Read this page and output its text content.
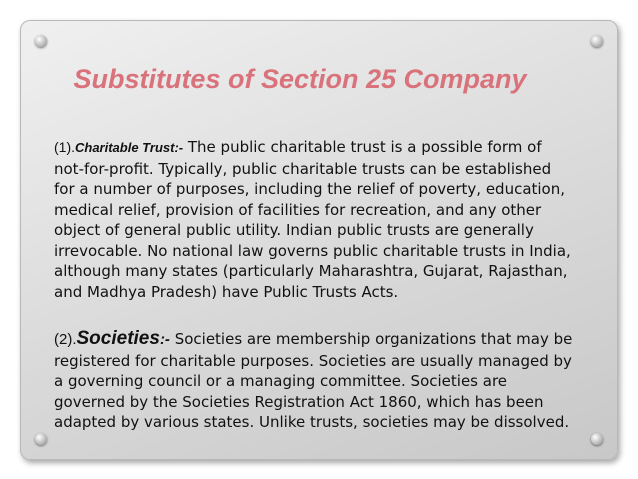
Substitutes of Section 25 Company

(1).Charitable Trust:- The public charitable trust is a possible form of not-for-profit. Typically, public charitable trusts can be established for a number of purposes, including the relief of poverty, education, medical relief, provision of facilities for recreation, and any other object of general public utility. Indian public trusts are generally irrevocable. No national law governs public charitable trusts in India, although many states (particularly Maharashtra, Gujarat, Rajasthan, and Madhya Pradesh) have Public Trusts Acts.

(2).Societies:- Societies are membership organizations that may be registered for charitable purposes. Societies are usually managed by a governing council or a managing committee. Societies are governed by the Societies Registration Act 1860, which has been adapted by various states. Unlike trusts, societies may be dissolved.
